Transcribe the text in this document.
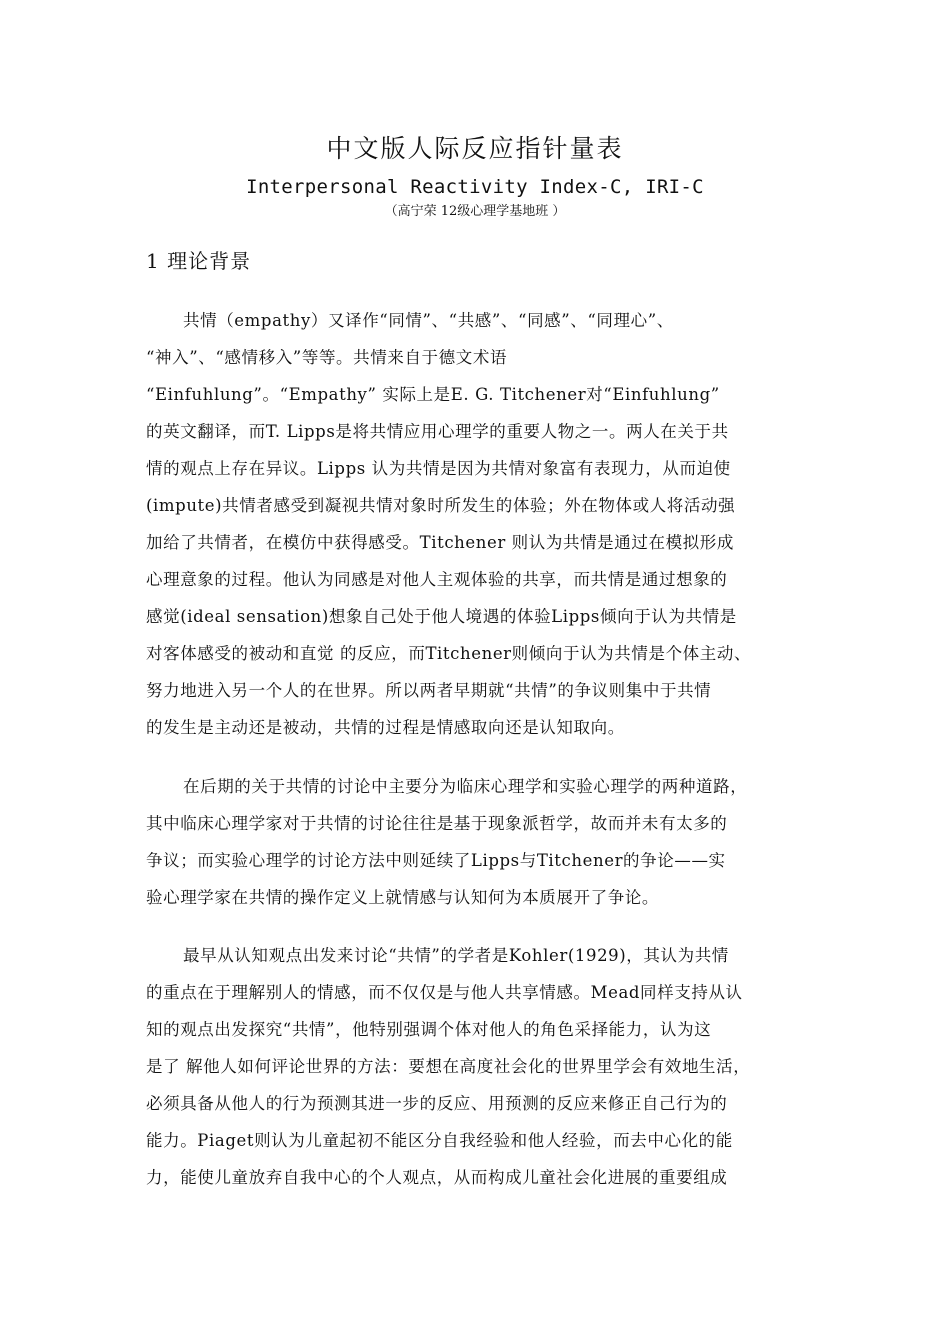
中文版人际反应指针量表
Interpersonal Reactivity Index-C, IRI-C
（高宁荣 12级心理学基地班 ）
1 理论背景
共情（empathy）又译作“同情”、“共感”、“同感”、“同理心”、
“神入”、“感情移入”等等。共情来自于德文术语
“Einfuhlung”。“Empathy” 实际上是E. G. Titchener对“Einfuhlung”
的英文翻译，而T. Lipps是将共情应用心理学的重要人物之一。两人在关于共
情的观点上存在异议。Lipps 认为共情是因为共情对象富有表现力，从而迫使
(impute)共情者感受到凝视共情对象时所发生的体验；外在物体或人将活动强
加给了共情者，在模仿中获得感受。Titchener 则认为共情是通过在模拟形成
心理意象的过程。他认为同感是对他人主观体验的共享，而共情是通过想象的
感觉(ideal sensation)想象自己处于他人境遇的体验Lipps倾向于认为共情是
对客体感受的被动和直觉 的反应，而Titchener则倾向于认为共情是个体主动、
努力地进入另一个人的在世界。所以两者早期就“共情”的争议则集中于共情
的发生是主动还是被动，共情的过程是情感取向还是认知取向。
在后期的关于共情的讨论中主要分为临床心理学和实验心理学的两种道路，
其中临床心理学家对于共情的讨论往往是基于现象派哲学，故而并未有太多的
争议；而实验心理学的讨论方法中则延续了Lipps与Titchener的争论——实
验心理学家在共情的操作定义上就情感与认知何为本质展开了争论。
最早从认知观点出发来讨论“共情”的学者是Kohler(1929)，其认为共情
的重点在于理解别人的情感，而不仅仅是与他人共享情感。Mead同样支持从认
知的观点出发探究“共情”，他特别强调个体对他人的角色采择能力，认为这
是了 解他人如何评论世界的方法：要想在高度社会化的世界里学会有效地生活，
必须具备从他人的行为预测其进一步的反应、用预测的反应来修正自己行为的
能力。Piaget则认为儿童起初不能区分自我经验和他人经验，而去中心化的能
力，能使儿童放弃自我中心的个人观点，从而构成儿童社会化进展的重要组成
